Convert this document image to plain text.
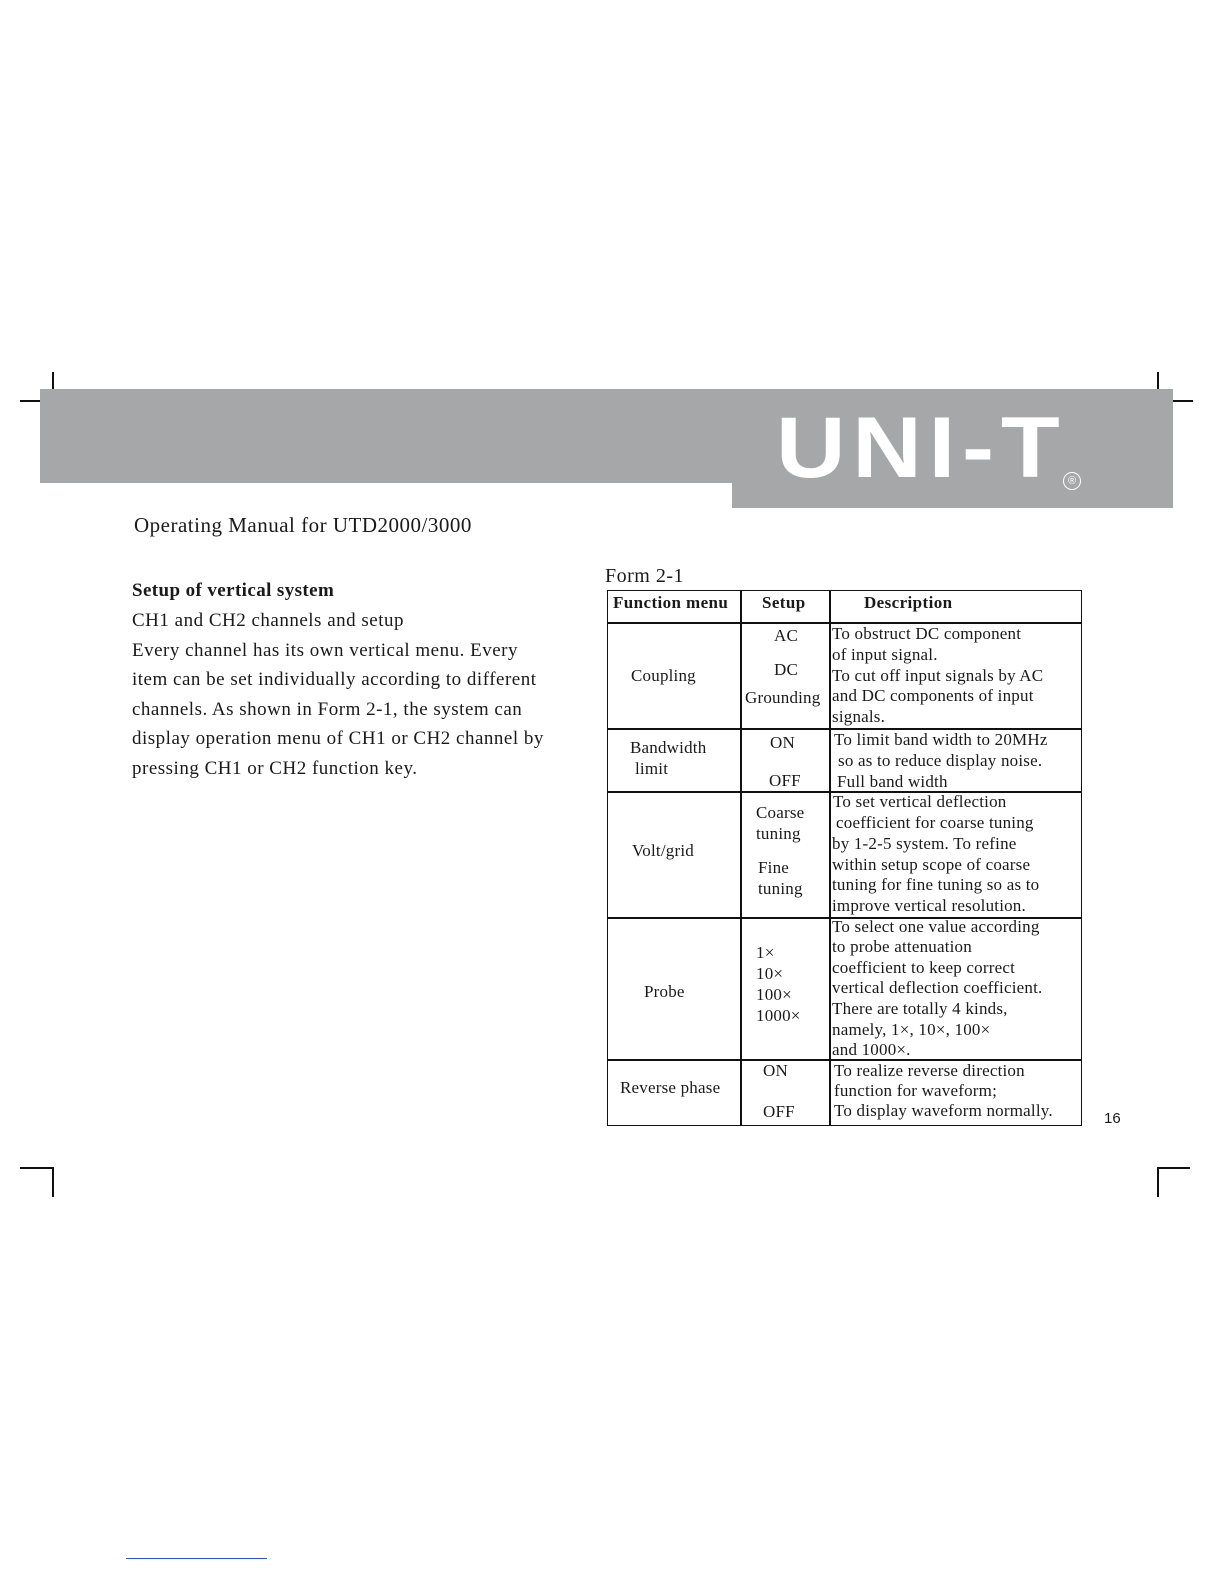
UNI-T ®
Operating Manual for UTD2000/3000
Setup of vertical system
CH1 and CH2 channels and setup
Every channel has its own vertical menu. Every
item can be set individually according to different
channels. As shown in Form 2-1, the system can
display operation menu of CH1 or CH2 channel by
pressing CH1 or CH2 function key.
Form 2-1
Function menu Setup	Description
Coupling
AC
DC
Grounding
To obstruct DC component
of input signal.
To cut off input signals by AC
and DC components of input
signals.
Bandwidth
limit
ON
OFF
To limit band width to 20MHz
so as to reduce display noise.
Full band width
Volt/grid
Coarse
tuning
Fine
tuning
To set vertical deflection
coefficient for coarse tuning
by 1-2-5 system. To refine
within setup scope of coarse
tuning for fine tuning so as to
improve vertical resolution.
Probe
1×
10×
100×
1000×
To select one value according
to probe attenuation
coefficient to keep correct
vertical deflection coefficient.
There are totally 4 kinds,
namely, 1×, 10×, 100×
and 1000×.
Reverse phase
ON
OFF
To realize reverse direction
function for waveform;
To display waveform normally.	16
